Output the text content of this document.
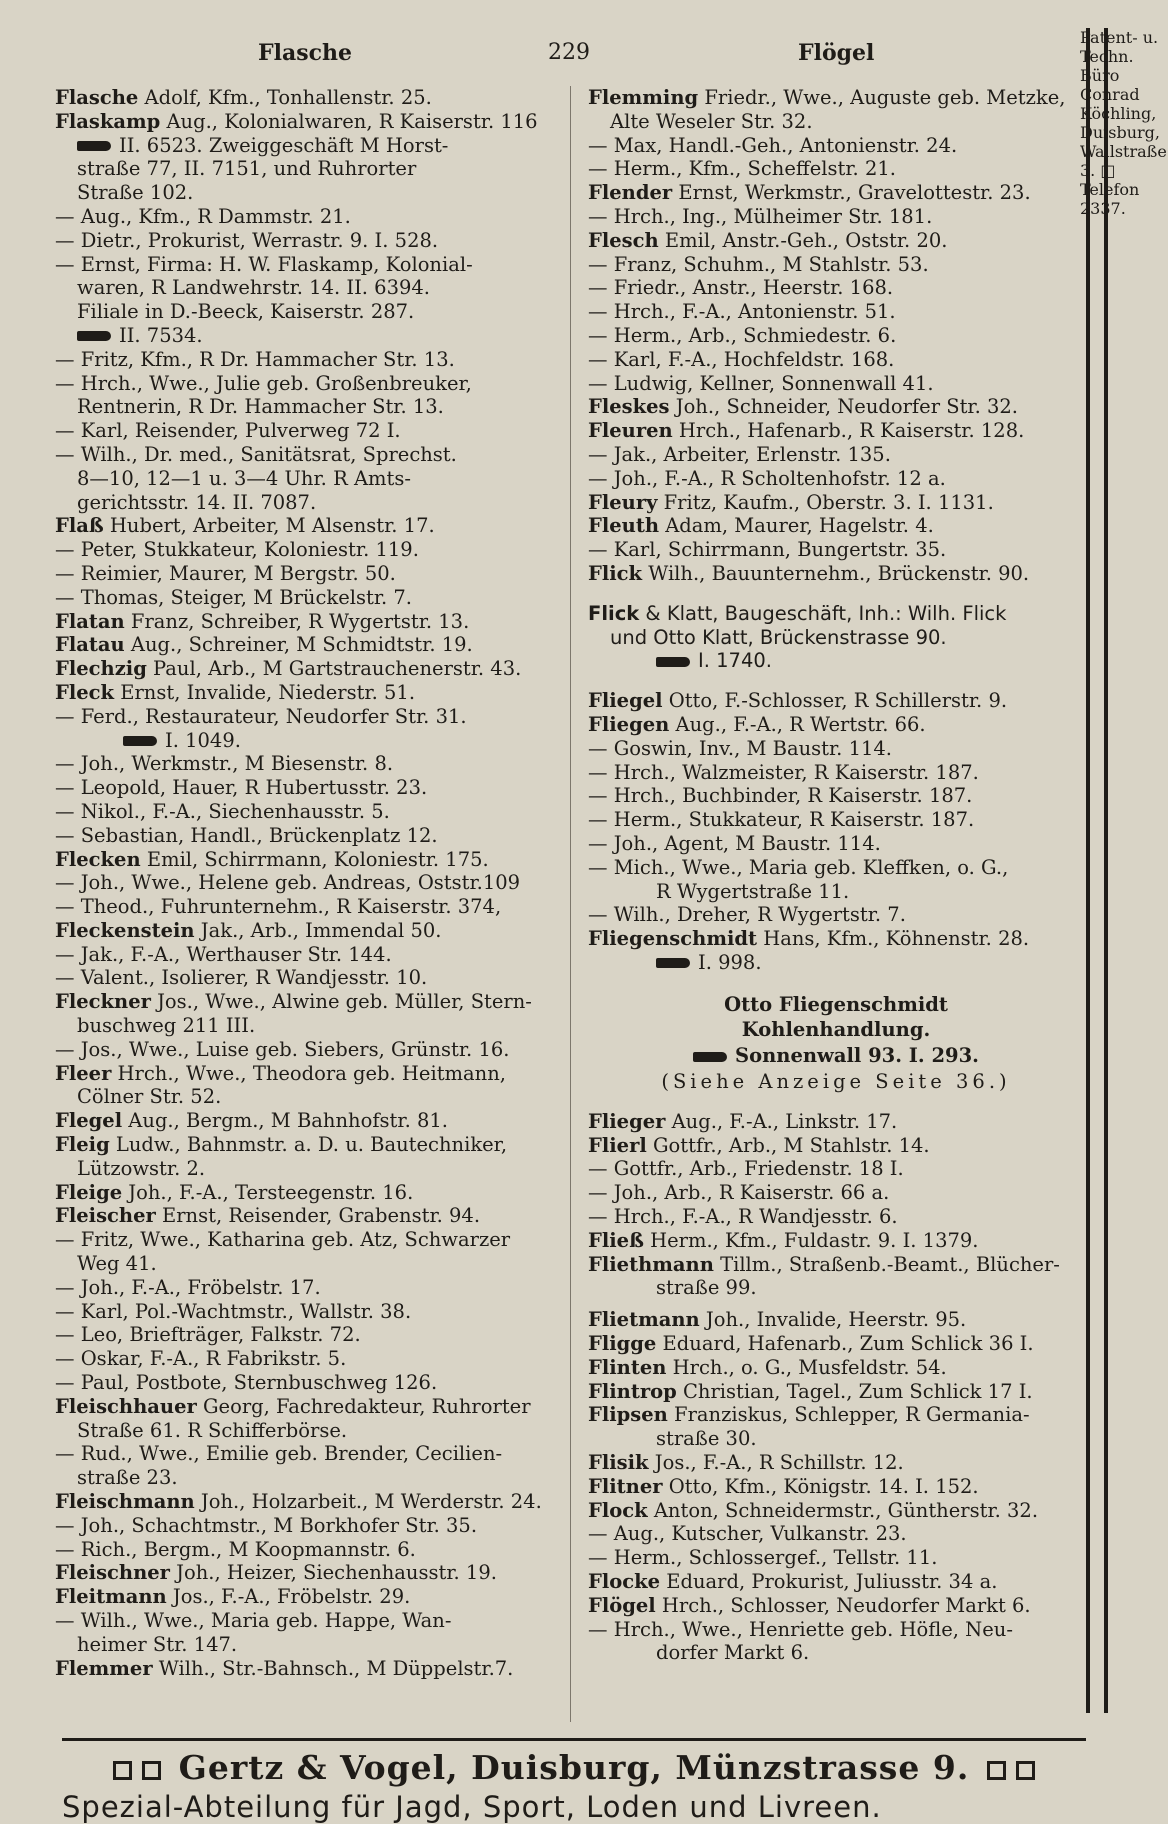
Flasche	229	Flögel

Flasche Adolf, Kfm., Tonhallenstr. 25.

Flaskamp Aug., Kolonialwaren, R Kaiserstr. 116

II. 6523. Zweiggeschäft M Horst-

straße 77, II. 7151, und Ruhrorter

Straße 102.

— Aug., Kfm., R Dammstr. 21.

— Dietr., Prokurist, Werrastr. 9. I. 528.

— Ernst, Firma: H. W. Flaskamp, Kolonial-

waren, R Landwehrstr. 14. II. 6394.

Filiale in D.-Beeck, Kaiserstr. 287.

II. 7534.

— Fritz, Kfm., R Dr. Hammacher Str. 13.

— Hrch., Wwe., Julie geb. Großenbreuker,

Rentnerin, R Dr. Hammacher Str. 13.

— Karl, Reisender, Pulverweg 72 I.

— Wilh., Dr. med., Sanitätsrat, Sprechst.

8—10, 12—1 u. 3—4 Uhr. R Amts-

gerichtsstr. 14. II. 7087.

Flaß Hubert, Arbeiter, M Alsenstr. 17.

— Peter, Stukkateur, Koloniestr. 119.

— Reimier, Maurer, M Bergstr. 50.

— Thomas, Steiger, M Brückelstr. 7.

Flatan Franz, Schreiber, R Wygertstr. 13.

Flatau Aug., Schreiner, M Schmidtstr. 19.

Flechzig Paul, Arb., M Gartstrauchenerstr. 43.

Fleck Ernst, Invalide, Niederstr. 51.

— Ferd., Restaurateur, Neudorfer Str. 31.

I. 1049.

— Joh., Werkmstr., M Biesenstr. 8.

— Leopold, Hauer, R Hubertusstr. 23.

— Nikol., F.-A., Siechenhausstr. 5.

— Sebastian, Handl., Brückenplatz 12.

Flecken Emil, Schirrmann, Koloniestr. 175.

— Joh., Wwe., Helene geb. Andreas, Oststr.109

— Theod., Fuhrunternehm., R Kaiserstr. 374,

Fleckenstein Jak., Arb., Immendal 50.

— Jak., F.-A., Werthauser Str. 144.

— Valent., Isolierer, R Wandjesstr. 10.

Fleckner Jos., Wwe., Alwine geb. Müller, Stern-

buschweg 211 III.

— Jos., Wwe., Luise geb. Siebers, Grünstr. 16.

Fleer Hrch., Wwe., Theodora geb. Heitmann,

Cölner Str. 52.

Flegel Aug., Bergm., M Bahnhofstr. 81.

Fleig Ludw., Bahnmstr. a. D. u. Bautechniker,

Lützowstr. 2.

Fleige Joh., F.-A., Tersteegenstr. 16.

Fleischer Ernst, Reisender, Grabenstr. 94.

— Fritz, Wwe., Katharina geb. Atz, Schwarzer

Weg 41.

— Joh., F.-A., Fröbelstr. 17.

— Karl, Pol.-Wachtmstr., Wallstr. 38.

— Leo, Briefträger, Falkstr. 72.

— Oskar, F.-A., R Fabrikstr. 5.

— Paul, Postbote, Sternbuschweg 126.

Fleischhauer Georg, Fachredakteur, Ruhrorter

Straße 61. R Schifferbörse.

— Rud., Wwe., Emilie geb. Brender, Cecilien-

straße 23.

Fleischmann Joh., Holzarbeit., M Werderstr. 24.

— Joh., Schachtmstr., M Borkhofer Str. 35.

— Rich., Bergm., M Koopmannstr. 6.

Fleischner Joh., Heizer, Siechenhausstr. 19.

Fleitmann Jos., F.-A., Fröbelstr. 29.

— Wilh., Wwe., Maria geb. Happe, Wan-

heimer Str. 147.

Flemmer Wilh., Str.-Bahnsch., M Düppelstr.7.

Flemming Friedr., Wwe., Auguste geb. Metzke,

Alte Weseler Str. 32.

— Max, Handl.-Geh., Antonienstr. 24.

— Herm., Kfm., Scheffelstr. 21.

Flender Ernst, Werkmstr., Gravelottestr. 23.

— Hrch., Ing., Mülheimer Str. 181.

Flesch Emil, Anstr.-Geh., Oststr. 20.

— Franz, Schuhm., M Stahlstr. 53.

— Friedr., Anstr., Heerstr. 168.

— Hrch., F.-A., Antonienstr. 51.

— Herm., Arb., Schmiedestr. 6.

— Karl, F.-A., Hochfeldstr. 168.

— Ludwig, Kellner, Sonnenwall 41.

Fleskes Joh., Schneider, Neudorfer Str. 32.

Fleuren Hrch., Hafenarb., R Kaiserstr. 128.

— Jak., Arbeiter, Erlenstr. 135.

— Joh., F.-A., R Scholtenhofstr. 12 a.

Fleury Fritz, Kaufm., Oberstr. 3. I. 1131.

Fleuth Adam, Maurer, Hagelstr. 4.

— Karl, Schirrmann, Bungertstr. 35.

Flick Wilh., Bauunternehm., Brückenstr. 90.

Flick & Klatt, Baugeschäft, Inh.: Wilh. Flick

und Otto Klatt, Brückenstrasse 90.

I. 1740.

Fliegel Otto, F.-Schlosser, R Schillerstr. 9.

Fliegen Aug., F.-A., R Wertstr. 66.

— Goswin, Inv., M Baustr. 114.

— Hrch., Walzmeister, R Kaiserstr. 187.

— Hrch., Buchbinder, R Kaiserstr. 187.

— Herm., Stukkateur, R Kaiserstr. 187.

— Joh., Agent, M Baustr. 114.

— Mich., Wwe., Maria geb. Kleffken, o. G.,

R Wygertstraße 11.

— Wilh., Dreher, R Wygertstr. 7.

Fliegenschmidt Hans, Kfm., Köhnenstr. 28.

I. 998.

Otto Fliegenschmidt

Kohlenhandlung.

Sonnenwall 93. I. 293.

(Siehe Anzeige Seite 36.)

Flieger Aug., F.-A., Linkstr. 17.

Flierl Gottfr., Arb., M Stahlstr. 14.

— Gottfr., Arb., Friedenstr. 18 I.

— Joh., Arb., R Kaiserstr. 66 a.

— Hrch., F.-A., R Wandjesstr. 6.

Fließ Herm., Kfm., Fuldastr. 9. I. 1379.

Fliethmann Tillm., Straßenb.-Beamt., Blücher-

straße 99.

Flietmann Joh., Invalide, Heerstr. 95.

Fligge Eduard, Hafenarb., Zum Schlick 36 I.

Flinten Hrch., o. G., Musfeldstr. 54.

Flintrop Christian, Tagel., Zum Schlick 17 I.

Flipsen Franziskus, Schlepper, R Germania-

straße 30.

Flisik Jos., F.-A., R Schillstr. 12.

Flitner Otto, Kfm., Königstr. 14. I. 152.

Flock Anton, Schneidermstr., Güntherstr. 32.

— Aug., Kutscher, Vulkanstr. 23.

— Herm., Schlossergef., Tellstr. 11.

Flocke Eduard, Prokurist, Juliusstr. 34 a.

Flögel Hrch., Schlosser, Neudorfer Markt 6.

— Hrch., Wwe., Henriette geb. Höfle, Neu-

dorfer Markt 6.

Patent- u. Techn. Büro Conrad Köchling, Duisburg, Wallstraße 3. □ Telefon 2337.
Gertz & Vogel, Duisburg, Münzstrasse 9.
Spezial-Abteilung für Jagd, Sport, Loden und Livreen.
